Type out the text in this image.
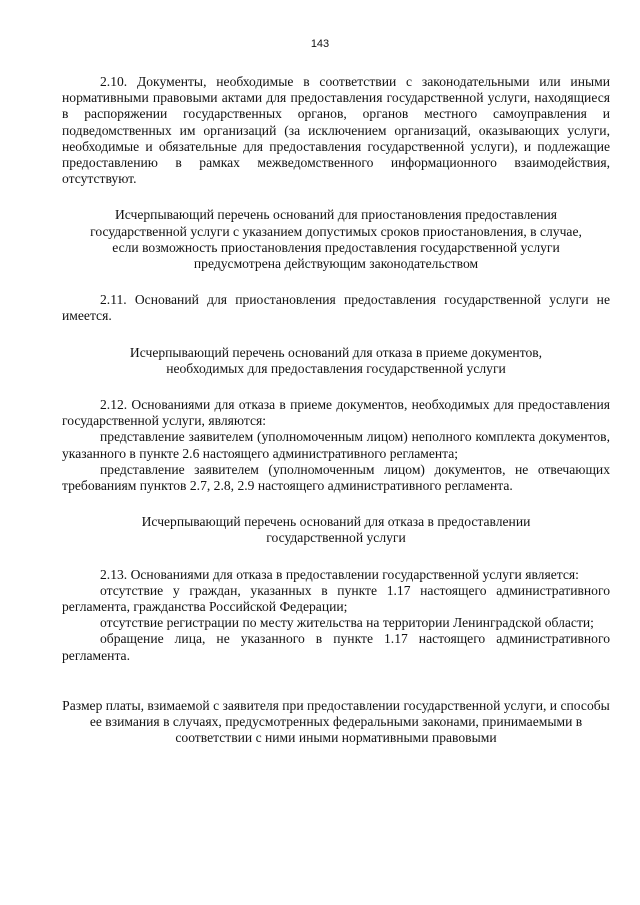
143

2.10. Документы, необходимые в соответствии с законодательными или иными нормативными правовыми актами для предоставления государственной услуги, находящиеся в распоряжении государственных органов, органов местного самоуправления и подведомственных им организаций (за исключением организаций, оказывающих услуги, необходимые и обязательные для предоставления государственной услуги), и подлежащие предоставлению в рамках межведомственного информационного взаимодействия, отсутствуют.

Исчерпывающий перечень оснований для приостановления предоставления государственной услуги с указанием допустимых сроков приостановления, в случае, если возможность приостановления предоставления государственной услуги предусмотрена действующим законодательством

2.11. Оснований для приостановления предоставления государственной услуги не имеется.

Исчерпывающий перечень оснований для отказа в приеме документов, необходимых для предоставления государственной услуги

2.12. Основаниями для отказа в приеме документов, необходимых для предоставления государственной услуги, являются:

представление заявителем (уполномоченным лицом) неполного комплекта документов, указанного в пункте 2.6 настоящего административного регламента;

представление заявителем (уполномоченным лицом) документов, не отвечающих требованиям пунктов 2.7, 2.8, 2.9 настоящего административного регламента.

Исчерпывающий перечень оснований для отказа в предоставлении государственной услуги

2.13. Основаниями для отказа в предоставлении государственной услуги является:

отсутствие у граждан, указанных в пункте 1.17 настоящего административного регламента, гражданства Российской Федерации;

отсутствие регистрации по месту жительства на территории Ленинградской области;

обращение лица, не указанного в пункте 1.17 настоящего административного регламента.

Размер платы, взимаемой с заявителя при предоставлении государственной услуги, и способы ее взимания в случаях, предусмотренных федеральными законами, принимаемыми в соответствии с ними иными нормативными правовыми
